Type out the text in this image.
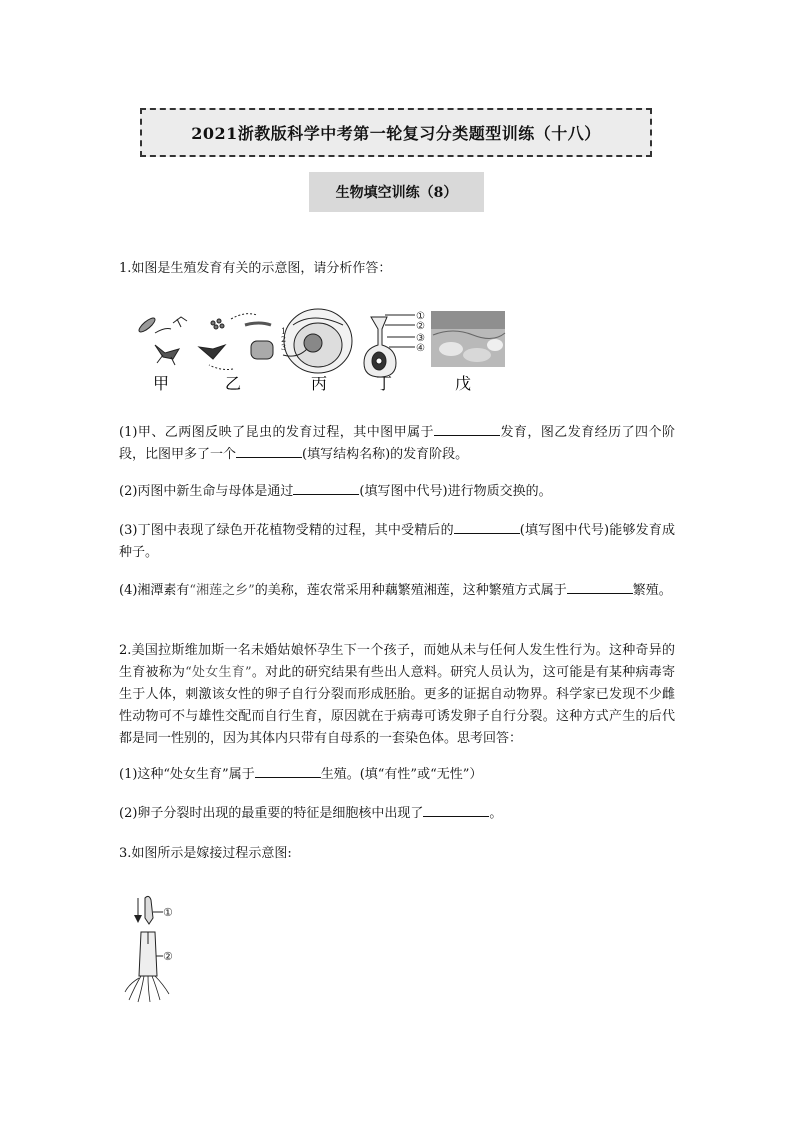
2021浙教版科学中考第一轮复习分类题型训练（十八）
生物填空训练（8）

1.如图是生殖发育有关的示意图，请分析作答：

1
2
3
①
②
③
④
甲	乙	丙	丁	戊

(1)甲、乙两图反映了昆虫的发育过程，其中图甲属于	发育，图乙发育经历了四个阶段，比图甲多了一个	(填写结构名称)的发育阶段。

(2)丙图中新生命与母体是通过	(填写图中代号)进行物质交换的。

(3)丁图中表现了绿色开花植物受精的过程，其中受精后的	(填写图中代号)能够发育成种子。

(4)湘潭素有“湘莲之乡”的美称，莲农常采用种藕繁殖湘莲，这种繁殖方式属于	繁殖。

2.美国拉斯维加斯一名未婚姑娘怀孕生下一个孩子，而她从未与任何人发生性行为。这种奇异的生育被称为“处女生育”。对此的研究结果有些出人意料。研究人员认为，这可能是有某种病毒寄生于人体，刺激该女性的卵子自行分裂而形成胚胎。更多的证据自动物界。科学家已发现不少雌性动物可不与雄性交配而自行生育，原因就在于病毒可诱发卵子自行分裂。这种方式产生的后代都是同一性别的，因为其体内只带有自母系的一套染色体。思考回答：

(1)这种“处女生育”属于	生殖。(填“有性”或“无性”）

(2)卵子分裂时出现的最重要的特征是细胞核中出现了	。

3.如图所示是嫁接过程示意图:

①
②
